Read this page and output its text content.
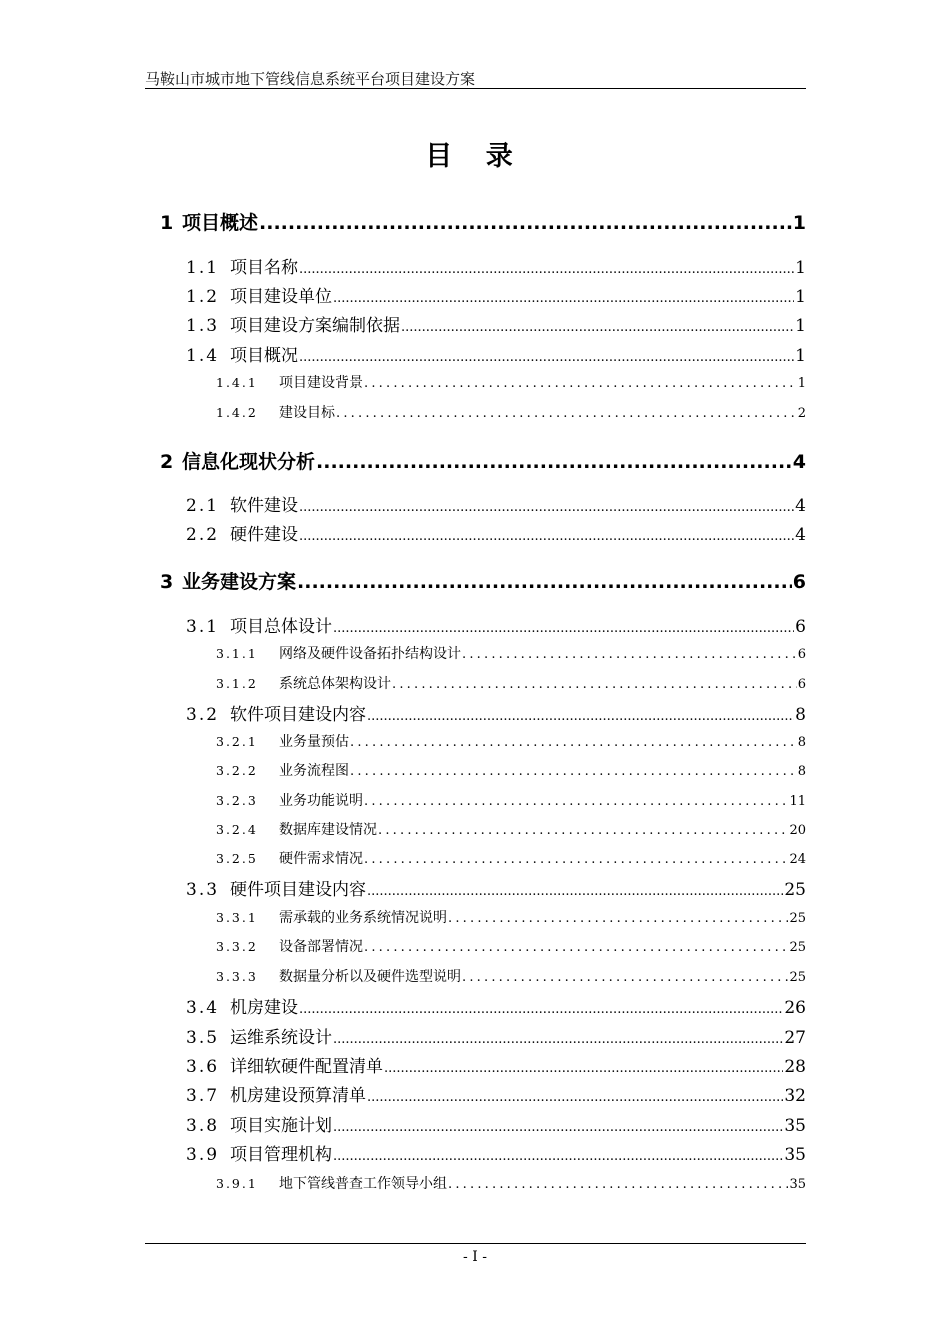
马鞍山市城市地下管线信息系统平台项目建设方案
目 录
1 项目概述 .....	1
1.1 项目名称 .....	1
1.2 项目建设单位 .....	1
1.3 项目建设方案编制依据 .....	1
1.4 项目概况 .....	1
1.4.1	项目建设背景 .....	1
1.4.2	建设目标 .....	2
2 信息化现状分析 .....	4
2.1 软件建设 .....	4
2.2 硬件建设 .....	4
3 业务建设方案 .....	6
3.1 项目总体设计 .....	6
3.1.1	网络及硬件设备拓扑结构设计 .....	6
3.1.2	系统总体架构设计 .....	6
3.2 软件项目建设内容 .....	8
3.2.1	业务量预估 .....	8
3.2.2	业务流程图 .....	8
3.2.3	业务功能说明 .....	11
3.2.4	数据库建设情况 .....	20
3.2.5	硬件需求情况 .....	24
3.3 硬件项目建设内容 .....	25
3.3.1	需承载的业务系统情况说明 .....	25
3.3.2	设备部署情况 .....	25
3.3.3	数据量分析以及硬件选型说明 .....	25
3.4 机房建设 .....	26
3.5 运维系统设计 .....	27
3.6 详细软硬件配置清单 .....	28
3.7 机房建设预算清单 .....	32
3.8 项目实施计划 .....	35
3.9 项目管理机构 .....	35
3.9.1	地下管线普查工作领导小组 .....	35
- I -
